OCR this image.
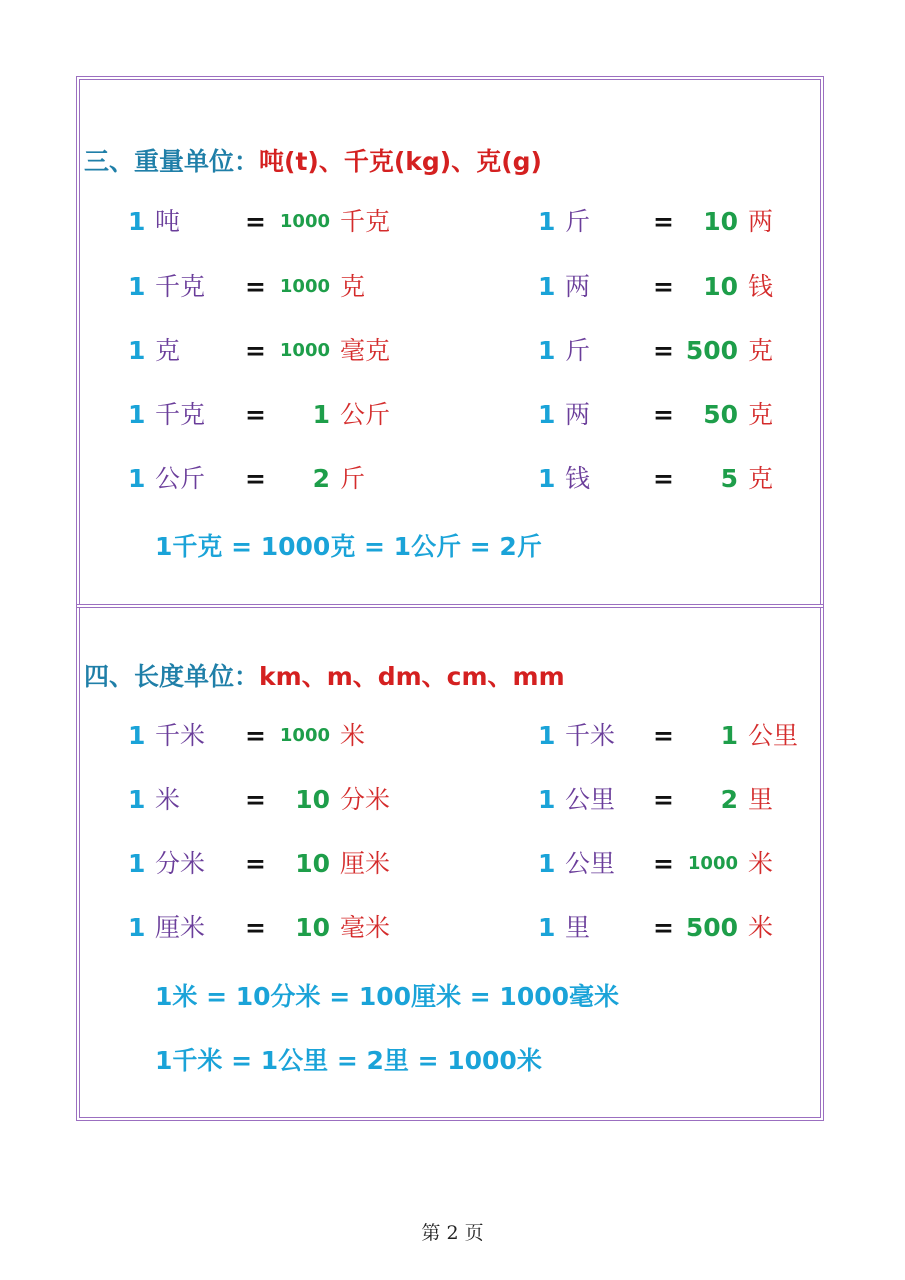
三、重量单位：吨(t)、千克(kg)、克(g)
四、长度单位：km、m、dm、cm、mm
1 吨	= 1000 千克	1 斤	=	10 两
1 千克 = 1000 克	1 两	=	10 钱
1 克	= 1000 毫克	1 斤	= 500 克
1 千克 =	1 公斤	1 两	=	50 克
1 公斤 =	2 斤	1 钱	=	5 克
1千克 = 1000克 = 1公斤 = 2斤
1 千米 = 1000 米	1 千米 =	1 公里
1 米	=	10 分米	1 公里 =	2 里
1 分米 =	10 厘米	1 公里 = 1000 米
1 厘米 =	10 毫米	1 里	= 500 米
1米 = 10分米 = 100厘米 = 1000毫米
1千米 = 1公里 = 2里 = 1000米
第 2 页
